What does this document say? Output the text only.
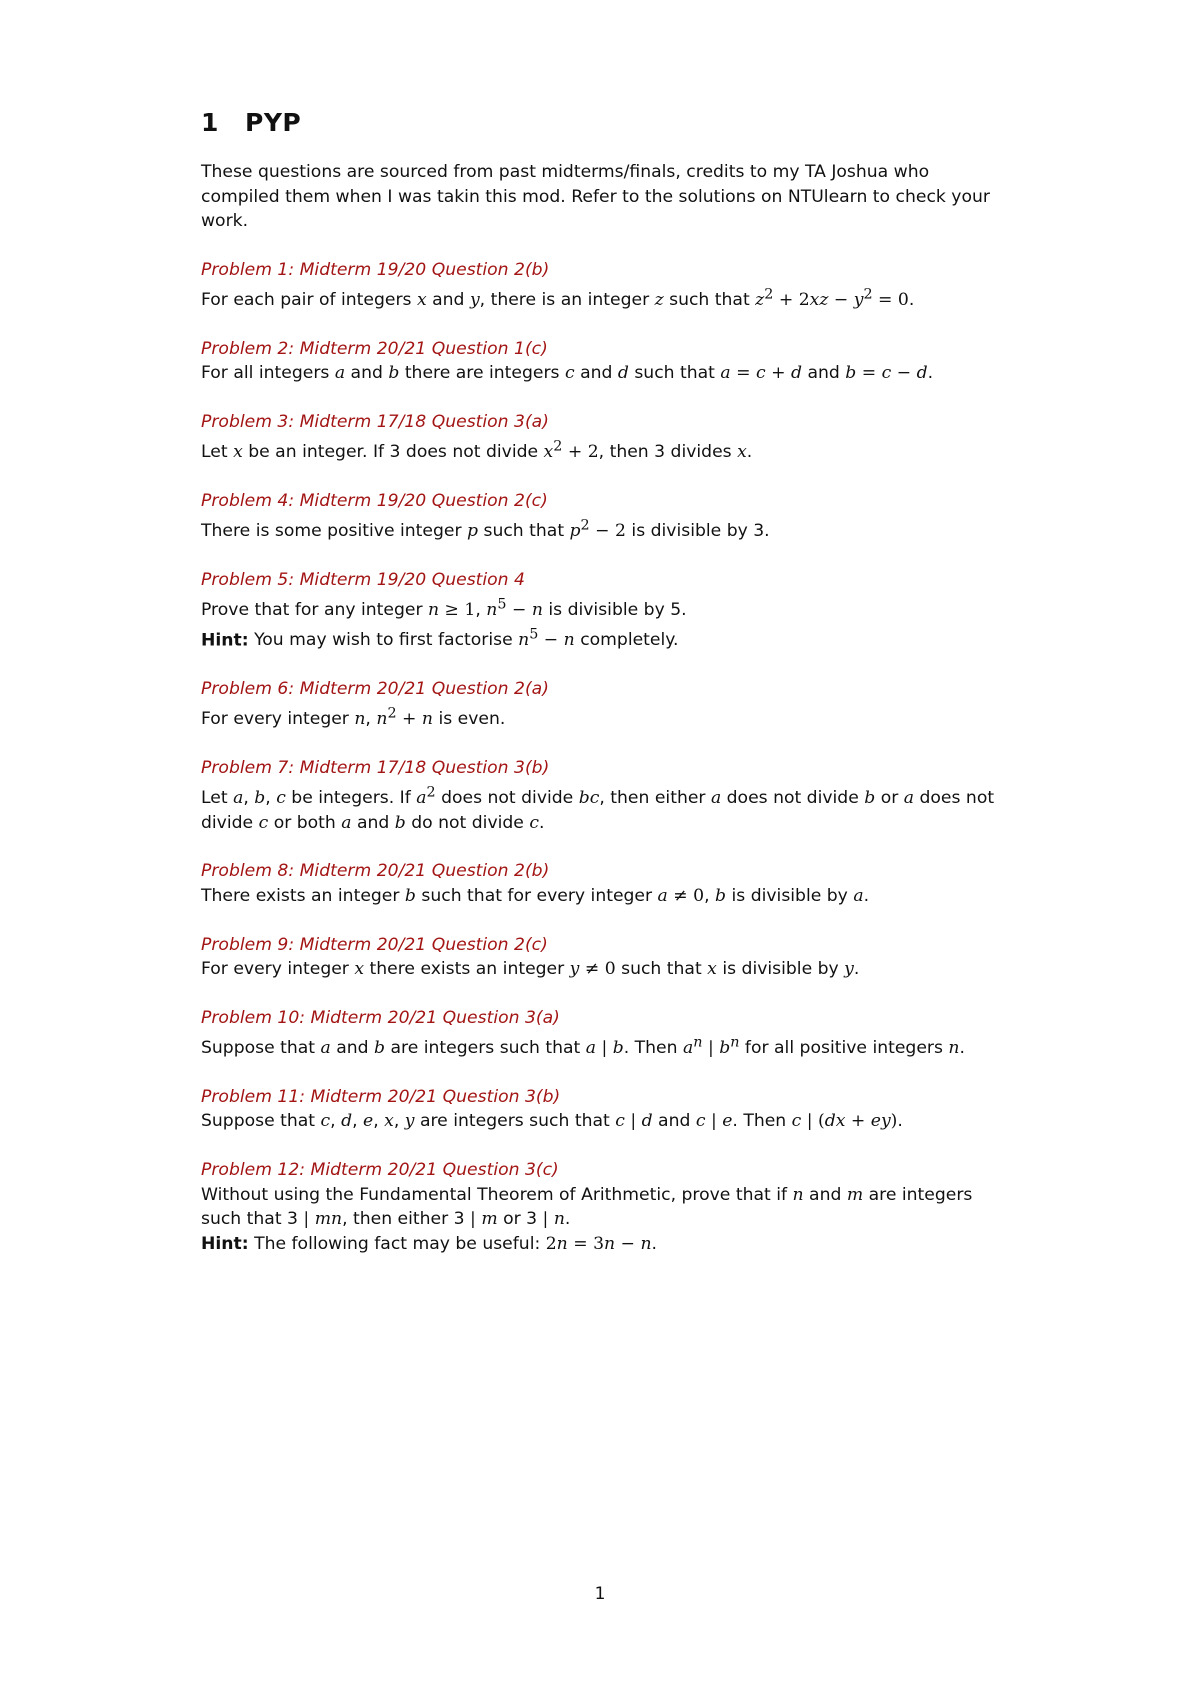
1 PYP

These questions are sourced from past midterms/finals, credits to my TA Joshua who compiled them when I was takin this mod. Refer to the solutions on NTUlearn to check your work.

Problem 1: Midterm 19/20 Question 2(b)
For each pair of integers x and y, there is an integer z such that $z^2 + 2xz - y^2 = 0$.
Problem 2: Midterm 20/21 Question 1(c)
For all integers a and b there are integers c and d such that a = c + d and b = c − d.
Problem 3: Midterm 17/18 Question 3(a)
Let x be an integer. If 3 does not divide $x^2 + 2$, then 3 divides x.
Problem 4: Midterm 19/20 Question 2(c)
There is some positive integer p such that $p^2 - 2$ is divisible by 3.
Problem 5: Midterm 19/20 Question 4
Prove that for any integer n ≥ 1, $n^5 - n$ is divisible by 5.
Hint: You may wish to first factorise $n^5 - n$ completely.
Problem 6: Midterm 20/21 Question 2(a)
For every integer n, $n^2 + n$ is even.
Problem 7: Midterm 17/18 Question 3(b)
Let a, b, c be integers. If $a^2$ does not divide bc, then either a does not divide b or a does not divide c or both a and b do not divide c.
Problem 8: Midterm 20/21 Question 2(b)
There exists an integer b such that for every integer a ≠ 0, b is divisible by a.
Problem 9: Midterm 20/21 Question 2(c)
For every integer x there exists an integer y ≠ 0 such that x is divisible by y.
Problem 10: Midterm 20/21 Question 3(a)
Suppose that a and b are integers such that a | b. Then $a^n$ | $b^n$ for all positive integers n.
Problem 11: Midterm 20/21 Question 3(b)
Suppose that c, d, e, x, y are integers such that c | d and c | e. Then c | (dx + ey).
Problem 12: Midterm 20/21 Question 3(c)
Without using the Fundamental Theorem of Arithmetic, prove that if n and m are integers such that 3 | mn, then either 3 | m or 3 | n.
Hint: The following fact may be useful: 2n = 3n − n.
1
